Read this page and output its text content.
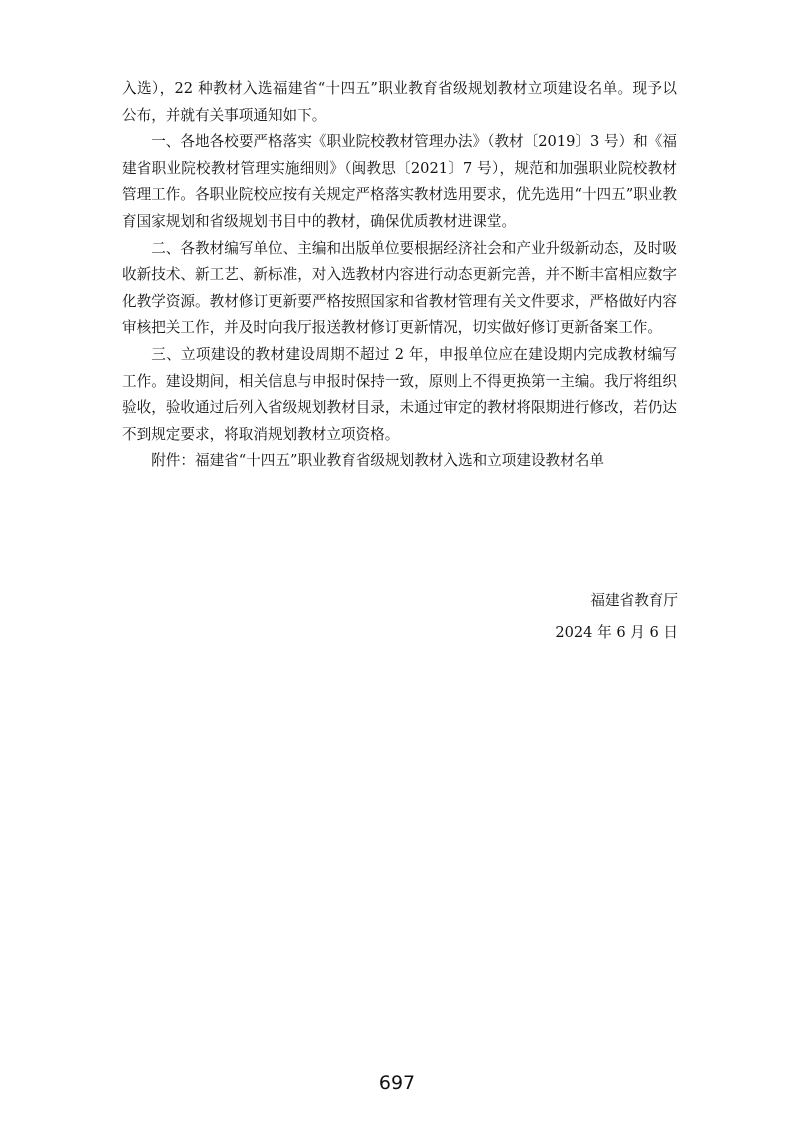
入选），22 种教材入选福建省“十四五”职业教育省级规划教材立项建设名单。现予以公布，并就有关事项通知如下。

一、各地各校要严格落实《职业院校教材管理办法》（教材〔2019〕3 号）和《福建省职业院校教材管理实施细则》（闽教思〔2021〕7 号），规范和加强职业院校教材管理工作。各职业院校应按有关规定严格落实教材选用要求，优先选用“十四五”职业教育国家规划和省级规划书目中的教材，确保优质教材进课堂。

二、各教材编写单位、主编和出版单位要根据经济社会和产业升级新动态，及时吸收新技术、新工艺、新标准，对入选教材内容进行动态更新完善，并不断丰富相应数字化教学资源。教材修订更新要严格按照国家和省教材管理有关文件要求，严格做好内容审核把关工作，并及时向我厅报送教材修订更新情况，切实做好修订更新备案工作。

三、立项建设的教材建设周期不超过 2 年，申报单位应在建设期内完成教材编写工作。建设期间，相关信息与申报时保持一致，原则上不得更换第一主编。我厅将组织验收，验收通过后列入省级规划教材目录，未通过审定的教材将限期进行修改，若仍达不到规定要求，将取消规划教材立项资格。

附件：福建省“十四五”职业教育省级规划教材入选和立项建设教材名单

福建省教育厅
2024 年 6 月 6 日
697
